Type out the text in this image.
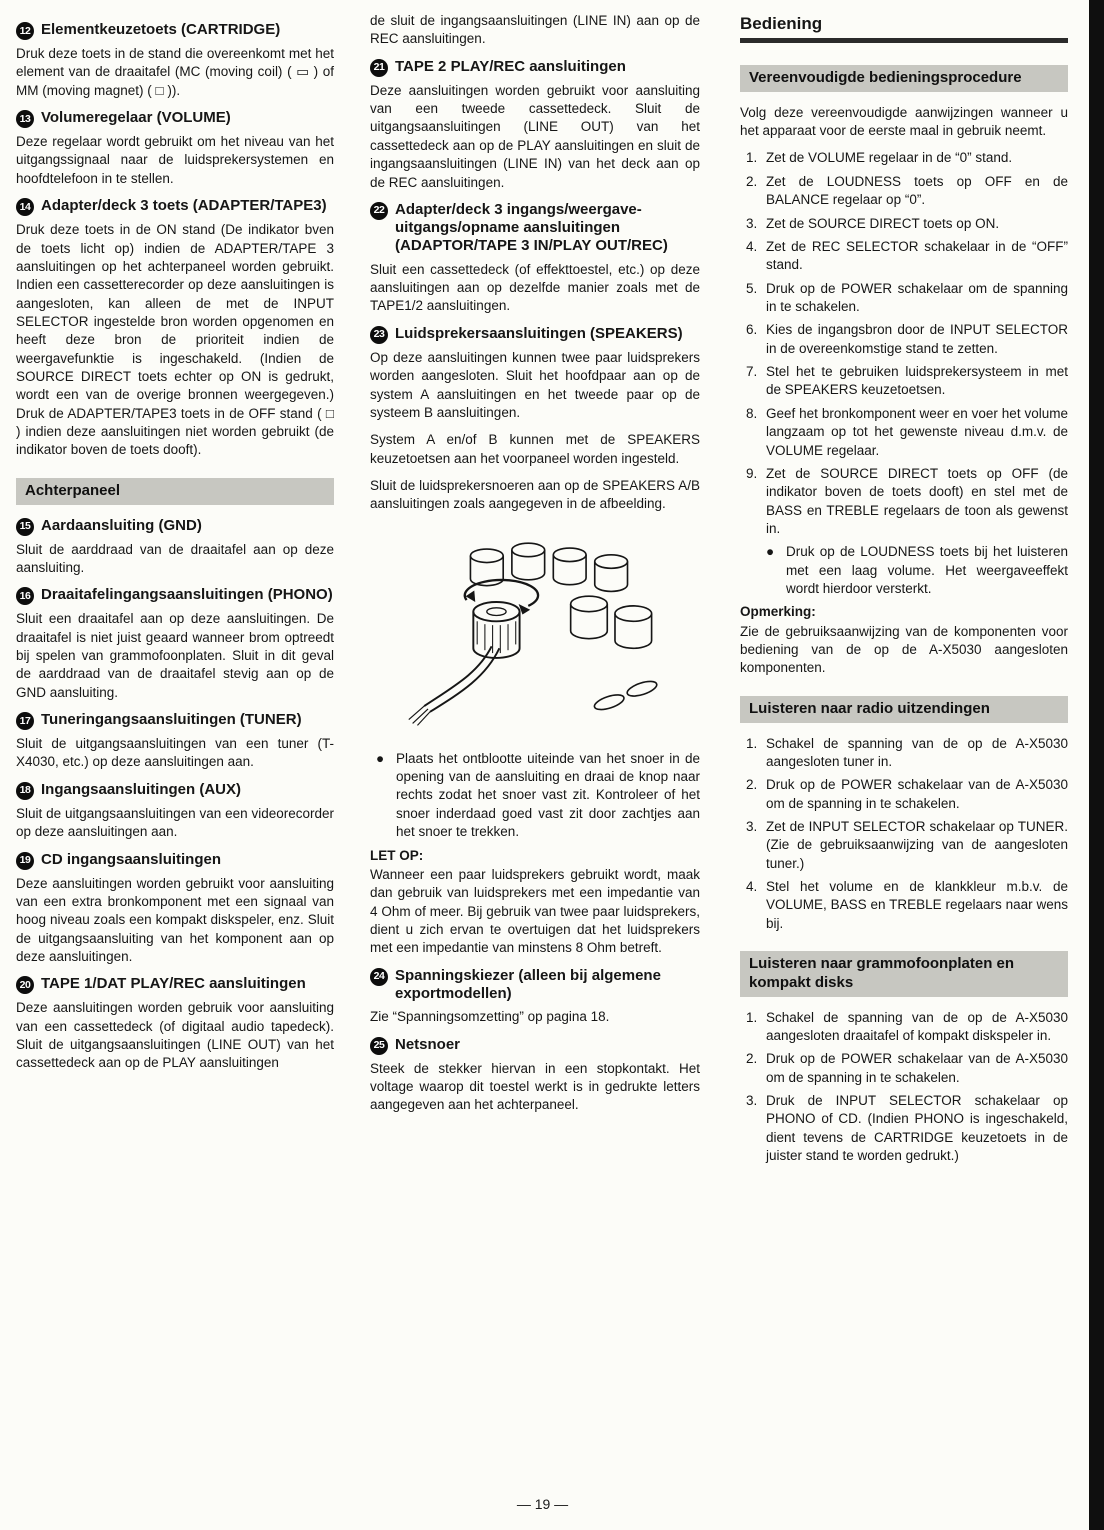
12 Elementkeuzetoets (CARTRIDGE)

Druk deze toets in de stand die overeenkomt met het element van de draaitafel (MC (moving coil) ( ▭ ) of MM (moving magnet) ( □ )).

13 Volumeregelaar (VOLUME)

Deze regelaar wordt gebruikt om het niveau van het uitgangssignaal naar de luidsprekersystemen en hoofdtelefoon in te stellen.

14 Adapter/deck 3 toets (ADAPTER/TAPE3)

Druk deze toets in de ON stand (De indikator bven de toets licht op) indien de ADAPTER/TAPE 3 aansluitingen op het achterpaneel worden gebruikt. Indien een cassetterecorder op deze aansluitingen is aangesloten, kan alleen de met de INPUT SELECTOR ingestelde bron worden opgenomen en heeft deze bron de prioriteit indien de weergavefunktie is ingeschakeld. (Indien de SOURCE DIRECT toets echter op ON is gedrukt, wordt een van de overige bronnen weergegeven.) Druk de ADAPTER/TAPE3 toets in de OFF stand ( □ ) indien deze aansluitingen niet worden gebruikt (de indikator boven de toets dooft).

Achterpaneel
15 Aardaansluiting (GND)

Sluit de aarddraad van de draaitafel aan op deze aansluiting.

16 Draaitafelingangsaansluitingen (PHONO)

Sluit een draaitafel aan op deze aansluitingen. De draaitafel is niet juist geaard wanneer brom optreedt bij spelen van grammofoonplaten. Sluit in dit geval de aarddraad van de draaitafel stevig aan op de GND aansluiting.

17 Tuneringangsaansluitingen (TUNER)

Sluit de uitgangsaansluitingen van een tuner (T-X4030, etc.) op deze aansluitingen aan.

18 Ingangsaansluitingen (AUX)

Sluit de uitgangsaansluitingen van een videorecorder op deze aansluitingen aan.

19 CD ingangsaansluitingen

Deze aansluitingen worden gebruikt voor aansluiting van een extra bronkomponent met een signaal van hoog niveau zoals een kompakt diskspeler, enz. Sluit de uitgangsaansluiting van het komponent aan op deze aansluitingen.

20 TAPE 1/DAT PLAY/REC aansluitingen

Deze aansluitingen worden gebruik voor aansluiting van een cassettedeck (of digitaal audio tapedeck). Sluit de uitgangsaansluitingen (LINE OUT) van het cassettedeck aan op de PLAY aansluitingen

de sluit de ingangsaansluitingen (LINE IN) aan op de REC aansluitingen.

21 TAPE 2 PLAY/REC aansluitingen

Deze aansluitingen worden gebruikt voor aansluiting van een tweede cassettedeck. Sluit de uitgangsaansluitingen (LINE OUT) van het cassettedeck aan op de PLAY aansluitingen en sluit de ingangsaansluitingen (LINE IN) van het deck aan op de REC aansluitingen.

22 Adapter/deck 3 ingangs/weergave-uitgangs/opname aansluitingen (ADAPTOR/TAPE 3 IN/PLAY OUT/REC)

Sluit een cassettedeck (of effekttoestel, etc.) op deze aansluitingen aan op dezelfde manier zoals met de TAPE1/2 aansluitingen.

23 Luidsprekersaansluitingen (SPEAKERS)

Op deze aansluitingen kunnen twee paar luidsprekers worden aangesloten. Sluit het hoofdpaar aan op de system A aansluitingen en het tweede paar op de systeem B aansluitingen.

System A en/of B kunnen met de SPEAKERS keuzetoetsen aan het voorpaneel worden ingesteld.

Sluit de luidsprekersnoeren aan op de SPEAKERS A/B aansluitingen zoals aangegeven in de afbeelding.

● Plaats het ontblootte uiteinde van het snoer in de opening van de aansluiting en draai de knop naar rechts zodat het snoer vast zit. Kontroleer of het snoer inderdaad goed vast zit door zachtjes aan het snoer te trekken.
LET OP:

Wanneer een paar luidsprekers gebruikt wordt, maak dan gebruik van luidsprekers met een impedantie van 4 Ohm of meer. Bij gebruik van twee paar luidsprekers, dient u zich ervan te overtuigen dat het luidsprekers met een impedantie van minstens 8 Ohm betreft.

24 Spanningskiezer (alleen bij algemene exportmodellen)

Zie “Spanningsomzetting” op pagina 18.

25 Netsnoer

Steek de stekker hiervan in een stopkontakt. Het voltage waarop dit toestel werkt is in gedrukte letters aangegeven aan het achterpaneel.

Bediening
Vereenvoudigde bedieningsprocedure

Volg deze vereenvoudigde aanwijzingen wanneer u het apparaat voor de eerste maal in gebruik neemt.

1. Zet de VOLUME regelaar in de “0” stand.
2. Zet de LOUDNESS toets op OFF en de BALANCE regelaar op “0”.
3. Zet de SOURCE DIRECT toets op ON.
4. Zet de REC SELECTOR schakelaar in de “OFF” stand.
5. Druk op de POWER schakelaar om de spanning in te schakelen.
6. Kies de ingangsbron door de INPUT SELECTOR in de overeenkomstige stand te zetten.
7. Stel het te gebruiken luidsprekersysteem in met de SPEAKERS keuzetoetsen.
8. Geef het bronkomponent weer en voer het volume langzaam op tot het gewenste niveau d.m.v. de VOLUME regelaar.
9. Zet de SOURCE DIRECT toets op OFF (de indikator boven de toets dooft) en stel met de BASS en TREBLE regelaars de toon als gewenst in.
● Druk op de LOUDNESS toets bij het luisteren met een laag volume. Het weergaveeffekt wordt hierdoor versterkt.
Opmerking:

Zie de gebruiksaanwijzing van de komponenten voor bediening van de op de A-X5030 aangesloten komponenten.

Luisteren naar radio uitzendingen
1. Schakel de spanning van de op de A-X5030 aangesloten tuner in.
2. Druk op de POWER schakelaar van de A-X5030 om de spanning in te schakelen.
3. Zet de INPUT SELECTOR schakelaar op TUNER. (Zie de gebruiksaanwijzing van de aangesloten tuner.)
4. Stel het volume en de klankkleur m.b.v. de VOLUME, BASS en TREBLE regelaars naar wens bij.
Luisteren naar grammofoonplaten en kompakt disks
1. Schakel de spanning van de op de A-X5030 aangesloten draaitafel of kompakt diskspeler in.
2. Druk op de POWER schakelaar van de A-X5030 om de spanning in te schakelen.
3. Druk de INPUT SELECTOR schakelaar op PHONO of CD. (Indien PHONO is ingeschakeld, dient tevens de CARTRIDGE keuzetoets in de juister stand te worden gedrukt.)
— 19 —
